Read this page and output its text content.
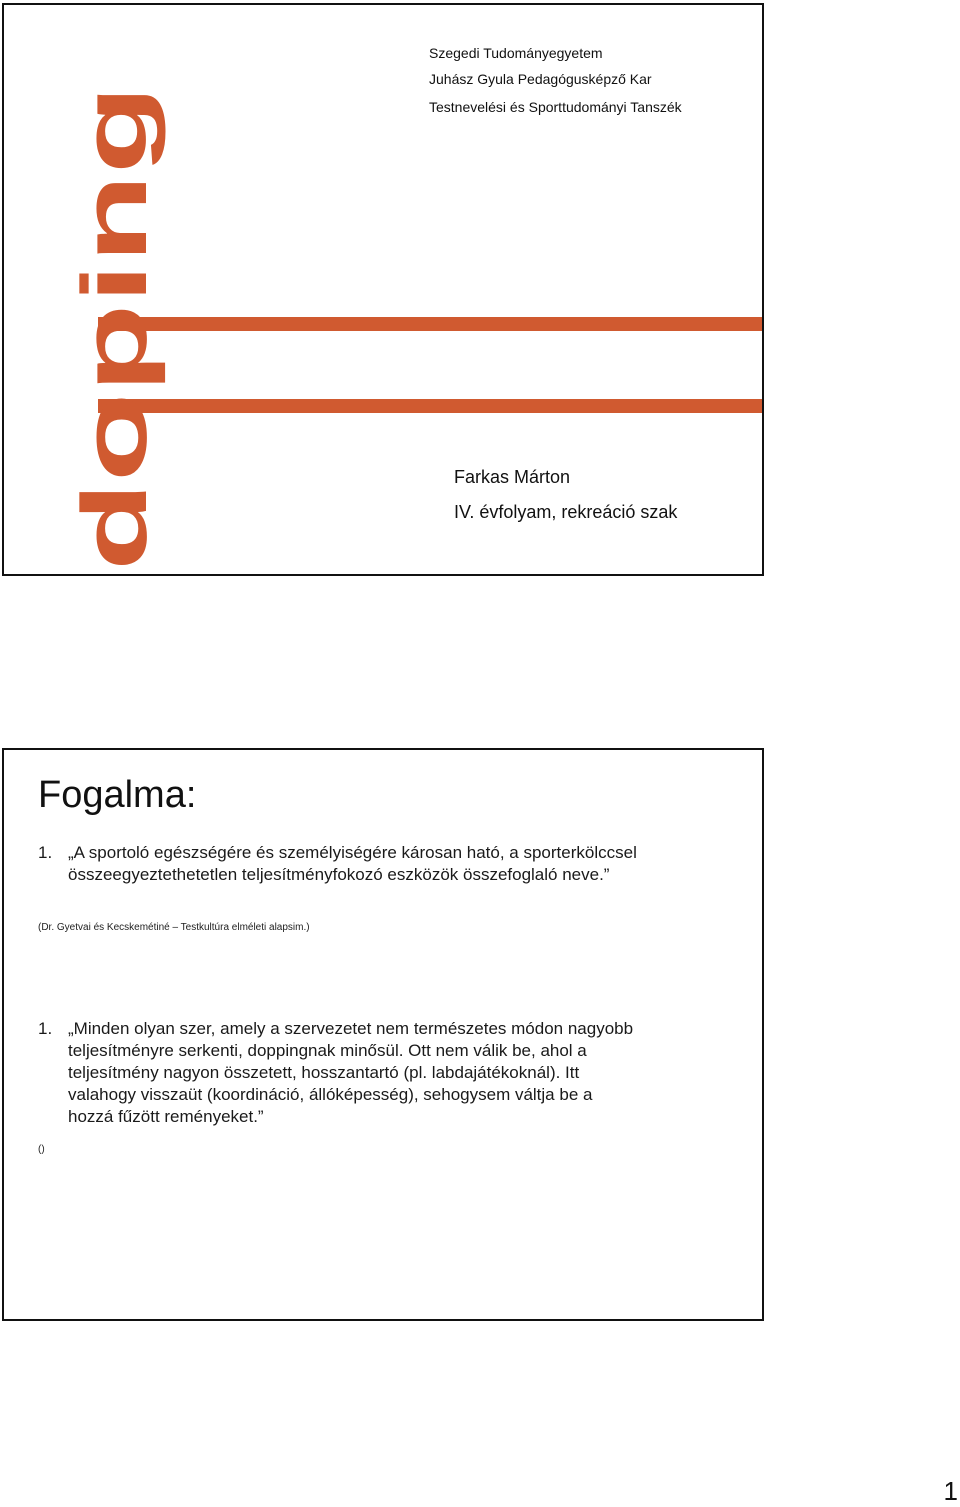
Szegedi Tudományegyetem
Juhász Gyula Pedagógusképző Kar
Testnevelési és Sporttudományi Tanszék
doping	Farkas Márton
IV. évfolyam, rekreáció szak
Fogalma:
1. „A sportoló egészségére és személyiségére károsan ható, a sporterkölccsel összeegyeztethetetlen teljesítményfokozó eszközök összefoglaló neve.”
(Dr. Gyetvai és Kecskemétiné – Testkultúra elméleti alapsim.)
1. „Minden olyan szer, amely a szervezetet nem természetes módon nagyobb teljesítményre serkenti, doppingnak minősül. Ott nem válik be, ahol a teljesítmény nagyon összetett, hosszantartó (pl. labdajátékoknál). Itt valahogy visszaüt (koordináció, állóképesség), sehogysem váltja be a hozzá fűzött reményeket.”
()
1
